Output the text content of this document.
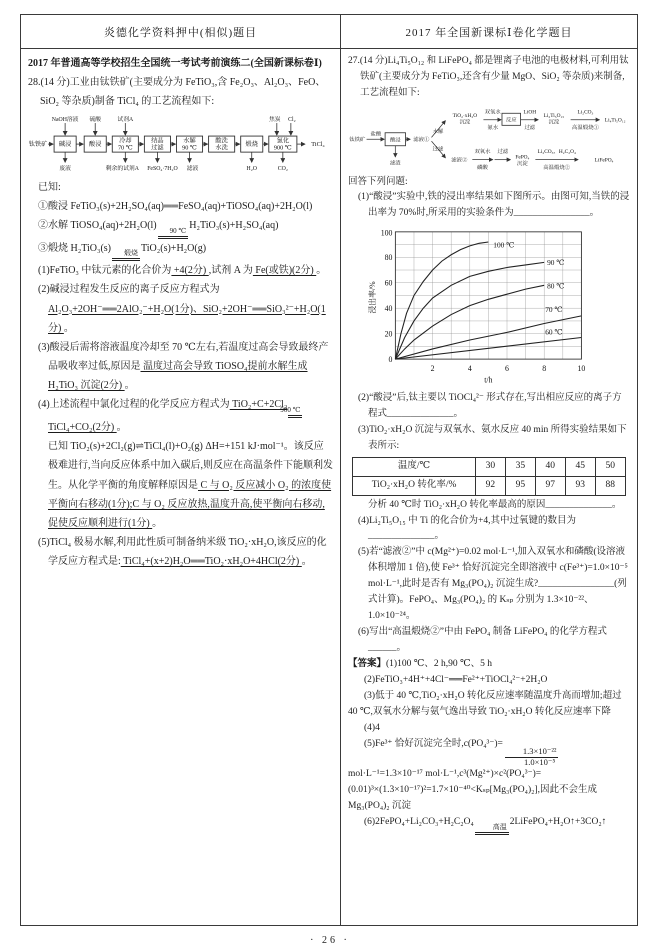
炎德化学资料押中(相似)题目	2017 年全国新课标Ⅰ卷化学题目

2017 年普通高等学校招生全国统一考试考前演练二(全国新课标卷Ⅰ)

28.(14 分)工业由钛铁矿(主要成分为 FeTiO₃,含 Fe₂O₃、Al₂O₃、FeO、SiO₂ 等杂质)制备 TiCl₄ 的工艺流程如下:

钛铁矿 碱浸	酸浸
冷却
70 ℃
结晶
过滤
水解
90 ℃
酸洗
水洗
煅烧
氯化
900 ℃
TiCl₄
NaOH溶液 硫酸	试剂A	焦炭 Cl₂
废液	剩余的试剂A FeSO₄·7H₂O 滤液	H₂O	CO₂

已知:

①酸浸 FeTiO₃(s)+2H₂SO₄(aq)══FeSO₄(aq)+TiOSO₄(aq)+2H₂O(l)

②水解 TiOSO₄(aq)+2H₂O(l)	90 ℃ H₂TiO₃(s)+H₂SO₄(aq)

③煅烧 H₂TiO₃(s)	煅烧 TiO₂(s)+H₂O(g)

(1)FeTiO₃ 中钛元素的化合价为 +4(2分) ,试剂 A 为 Fe(或铁)(2分) 。

(2)碱浸过程发生反应的离子反应方程式为 Al₂O₃+2OH⁻══2AlO₂⁻+H₂O(1分)、SiO₂+2OH⁻══SiO₃²⁻+H₂O(1分) 。

(3)酸浸后需将溶液温度冷却至 70 ℃左右,若温度过高会导致最终产品吸收率过低,原因是 温度过高会导致 TiOSO₄提前水解生成 H₂TiO₃ 沉淀(2分) 。

(4)上述流程中氯化过程的化学反应方程式为 TiO₂+C+2Cl₂
900 ℃
TiCl₄+CO₂(2分) 。

已知 TiO₂(s)+2Cl₂(g)⇌TiCl₄(l)+O₂(g) ΔH=+151 kJ·mol⁻¹。该反应极难进行,当向反应体系中加入碳后,则反应在高温条件下能顺利发生。从化学平衡的角度解释原因是 C 与 O₂ 反应减小 O₂ 的浓度使平衡向右移动(1分);C 与 O₂ 反应放热,温度升高,使平衡向右移动,促使反应顺利进行(1分) 。

(5)TiCl₄ 极易水解,利用此性质可制备纳米级 TiO₂·xH₂O,该反应的化学反应方程式是: TiCl₄+(x+2)H₂O══TiO₂·xH₂O+4HCl(2分) 。

27.(14 分)Li₄Ti₅O₁₂ 和 LiFePO₄ 都是锂离子电池的电极材料,可利用钛铁矿(主要成分为 FeTiO₃,还含有少量 MgO、SiO₂ 等杂质)来制备,工艺流程如下:

钛铁矿
盐酸
酸浸
滤渣
滤液①
水解
过滤
TiO₂·xH₂O
沉淀
双氧水
氨水
反应
LiOH
过滤
Li₂Ti₅O₁₅
沉淀
Li₂CO₃
高温煅烧①
Li₄Ti₅O₁₂
滤液②
双氧水
磷酸
过滤
FePO₄
沉淀
Li₂CO₃、H₂C₂O₄
高温煅烧②
LiFePO₄

回答下列问题:

(1)“酸浸”实验中,铁的浸出率结果如下图所示。由图可知,当铁的浸出率为 70%时,所采用的实验条件为________________。

0
20
40
60
80
100
2	4	6	8	10
浸出率/%
t/h
100 ℃
90 ℃
80 ℃
70 ℃
60 ℃

(2)“酸浸”后,钛主要以 TiOCl₄²⁻ 形式存在,写出相应反应的离子方程式______________。

(3)TiO₂·xH₂O 沉淀与双氧水、氨水反应 40 min 所得实验结果如下表所示:

温度/℃	30	35	40	45	50
TiO₂·xH₂O 转化率/%	92	95	97	93	88

分析 40 ℃时 TiO₂·xH₂O 转化率最高的原因______________。

(4)Li₂Ti₅O₁₅ 中 Ti 的化合价为+4,其中过氧键的数目为______________。

(5)若“滤液②”中 c(Mg²⁺)=0.02 mol·L⁻¹,加入双氧水和磷酸(设溶液体积增加 1 倍),使 Fe³⁺ 恰好沉淀完全即溶液中 c(Fe³⁺)=1.0×10⁻⁵ mol·L⁻¹,此时是否有 Mg₃(PO₄)₂ 沉淀生成?________________(列式计算)。FePO₄、Mg₃(PO₄)₂ 的 Kₛₚ 分别为 1.3×10⁻²²、1.0×10⁻²⁴。

(6)写出“高温煅烧②”中由 FePO₄ 制备 LiFePO₄ 的化学方程式______。

【答案】(1)100 ℃、2 h,90 ℃、5 h

(2)FeTiO₃+4H⁺+4Cl⁻══Fe²⁺+TiOCl₄²⁻+2H₂O

(3)低于 40 ℃,TiO₂·xH₂O 转化反应速率随温度升高而增加;超过 40 ℃,双氧水分解与氨气逸出导致 TiO₂·xH₂O 转化反应速率下降

(4)4

(5)Fe³⁺ 恰好沉淀完全时,c(PO₄³⁻)=
$\frac{\text{1.3×10⁻²²}}{\text{1.0×10⁻⁵}}$
mol·L⁻¹=1.3×10⁻¹⁷ mol·L⁻¹,c³(Mg²⁺)×c²(PO₄³⁻)=(0.01)³×(1.3×10⁻¹⁷)²=1.7×10⁻⁴⁰<Kₛₚ[Mg₃(PO₄)₂],因此不会生成 Mg₃(PO₄)₂ 沉淀

(6)2FePO₄+Li₂CO₃+H₂C₂O₄	高温 2LiFePO₄+H₂O↑+3CO₂↑

· 26 ·
